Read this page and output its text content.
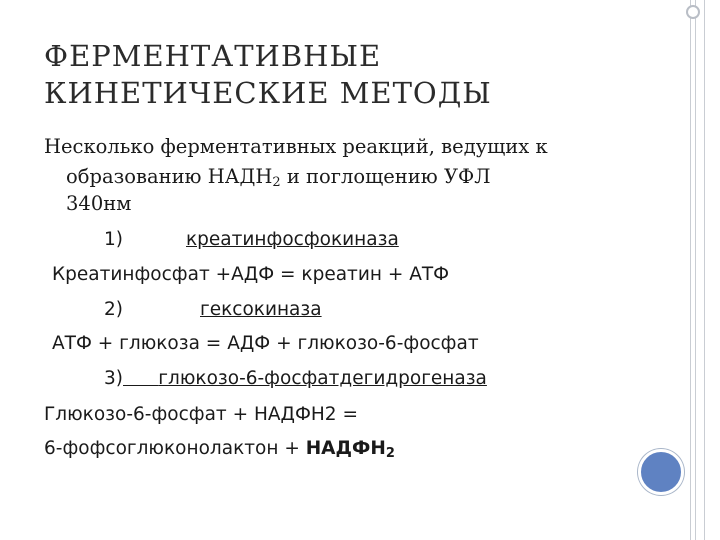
ФЕРМЕНТАТИВНЫЕ
КИНЕТИЧЕСКИЕ МЕТОДЫ
Несколько ферментативных реакций, ведущих к
образованию $НАДН_2$ и поглощению УФЛ
340нм
1)	креатинфосфокиназа
Креатинфосфат +АДФ = креатин + АТФ
2)	гексокиназа
АТФ + глюкоза = АДФ + глюкозо-6-фосфат
3) глюкозо-6-фосфатдегидрогеназа
Глюкозо-6-фосфат + НАДФН2 =
6-фофсоглюконолактон + $НАДФН_2$
